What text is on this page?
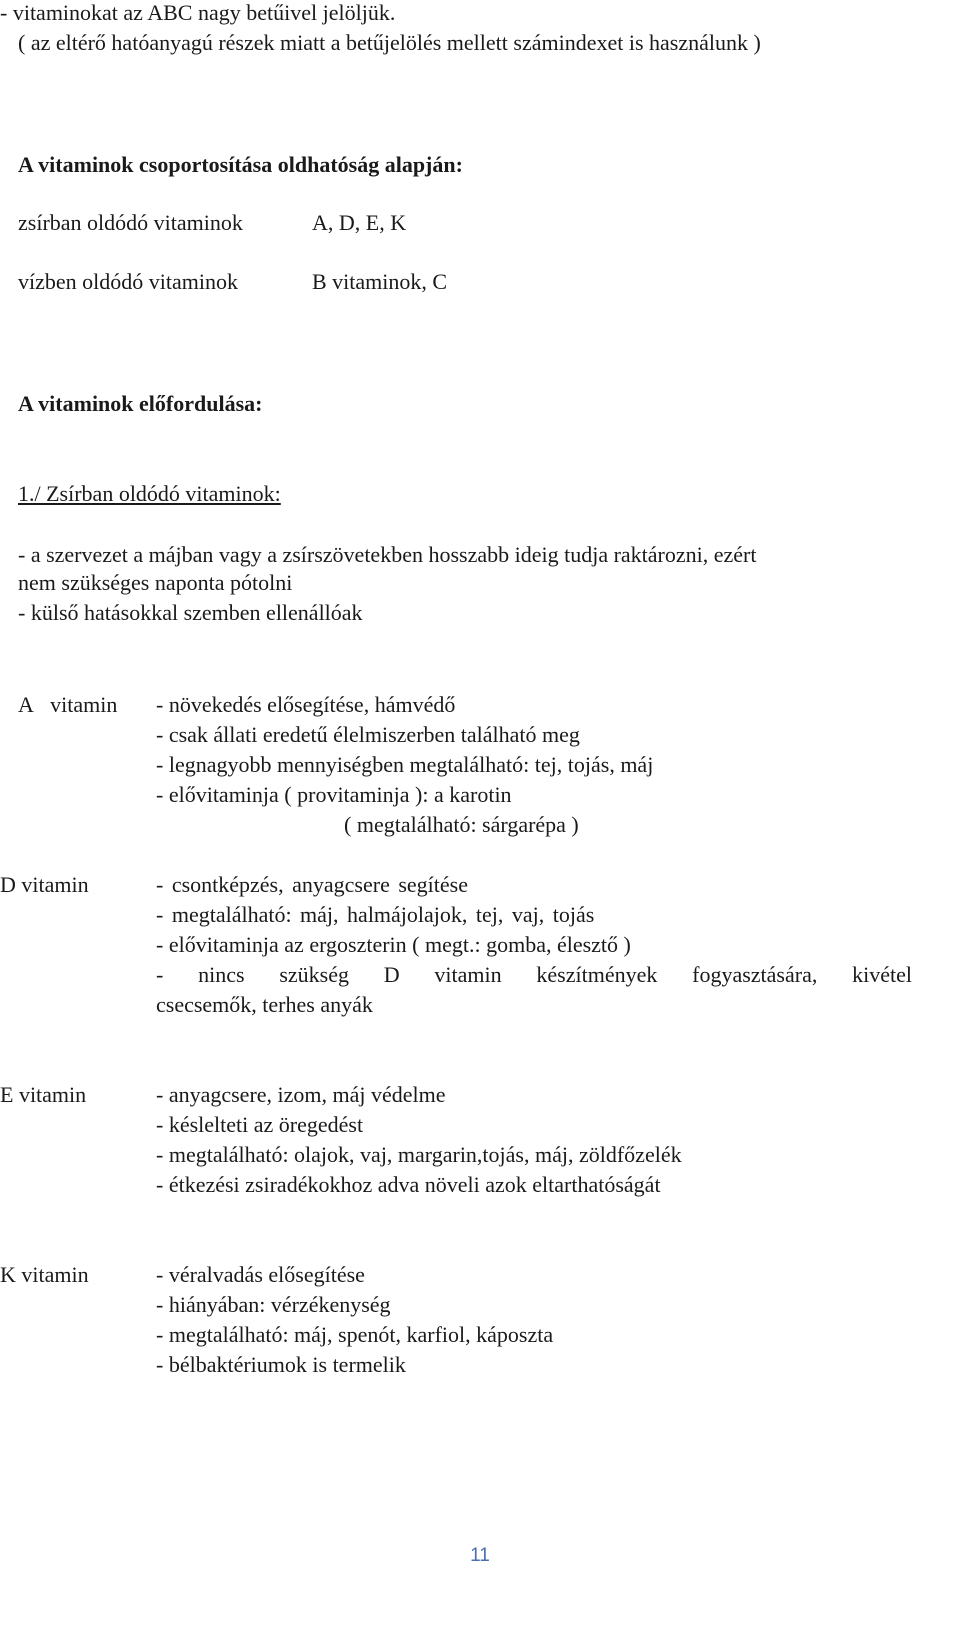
- vitaminokat az ABC nagy betűivel jelöljük.
( az eltérő hatóanyagú részek miatt a betűjelölés mellett számindexet is használunk )
A vitaminok csoportosítása oldhatóság alapján:
zsírban oldódó vitaminok	A, D, E, K
vízben oldódó vitaminok	B vitaminok, C
A vitaminok előfordulása:
1./ Zsírban oldódó vitaminok:
- a szervezet a májban vagy a zsírszövetekben hosszabb ideig tudja raktározni, ezért
nem szükséges naponta pótolni
- külső hatásokkal szemben ellenállóak
A vitamin - növekedés elősegítése, hámvédő
- csak állati eredetű élelmiszerben található meg
- legnagyobb mennyiségben megtalálható: tej, tojás, máj
- elővitaminja ( provitaminja ): a karotin
( megtalálható: sárgarépa )
D vitamin	- csontképzés, anyagcsere segítése
- megtalálható: máj, halmájolajok, tej, vaj, tojás
- elővitaminja az ergoszterin ( megt.: gomba, élesztő )
- nincs szükség D vitamin készítmények fogyasztására, kivétel
csecsemők, terhes anyák
E vitamin	- anyagcsere, izom, máj védelme
- késlelteti az öregedést
- megtalálható: olajok, vaj, margarin,tojás, máj, zöldfőzelék
- étkezési zsiradékokhoz adva növeli azok eltarthatóságát
K vitamin	- véralvadás elősegítése
- hiányában: vérzékenység
- megtalálható: máj, spenót, karfiol, káposzta
- bélbaktériumok is termelik
11
